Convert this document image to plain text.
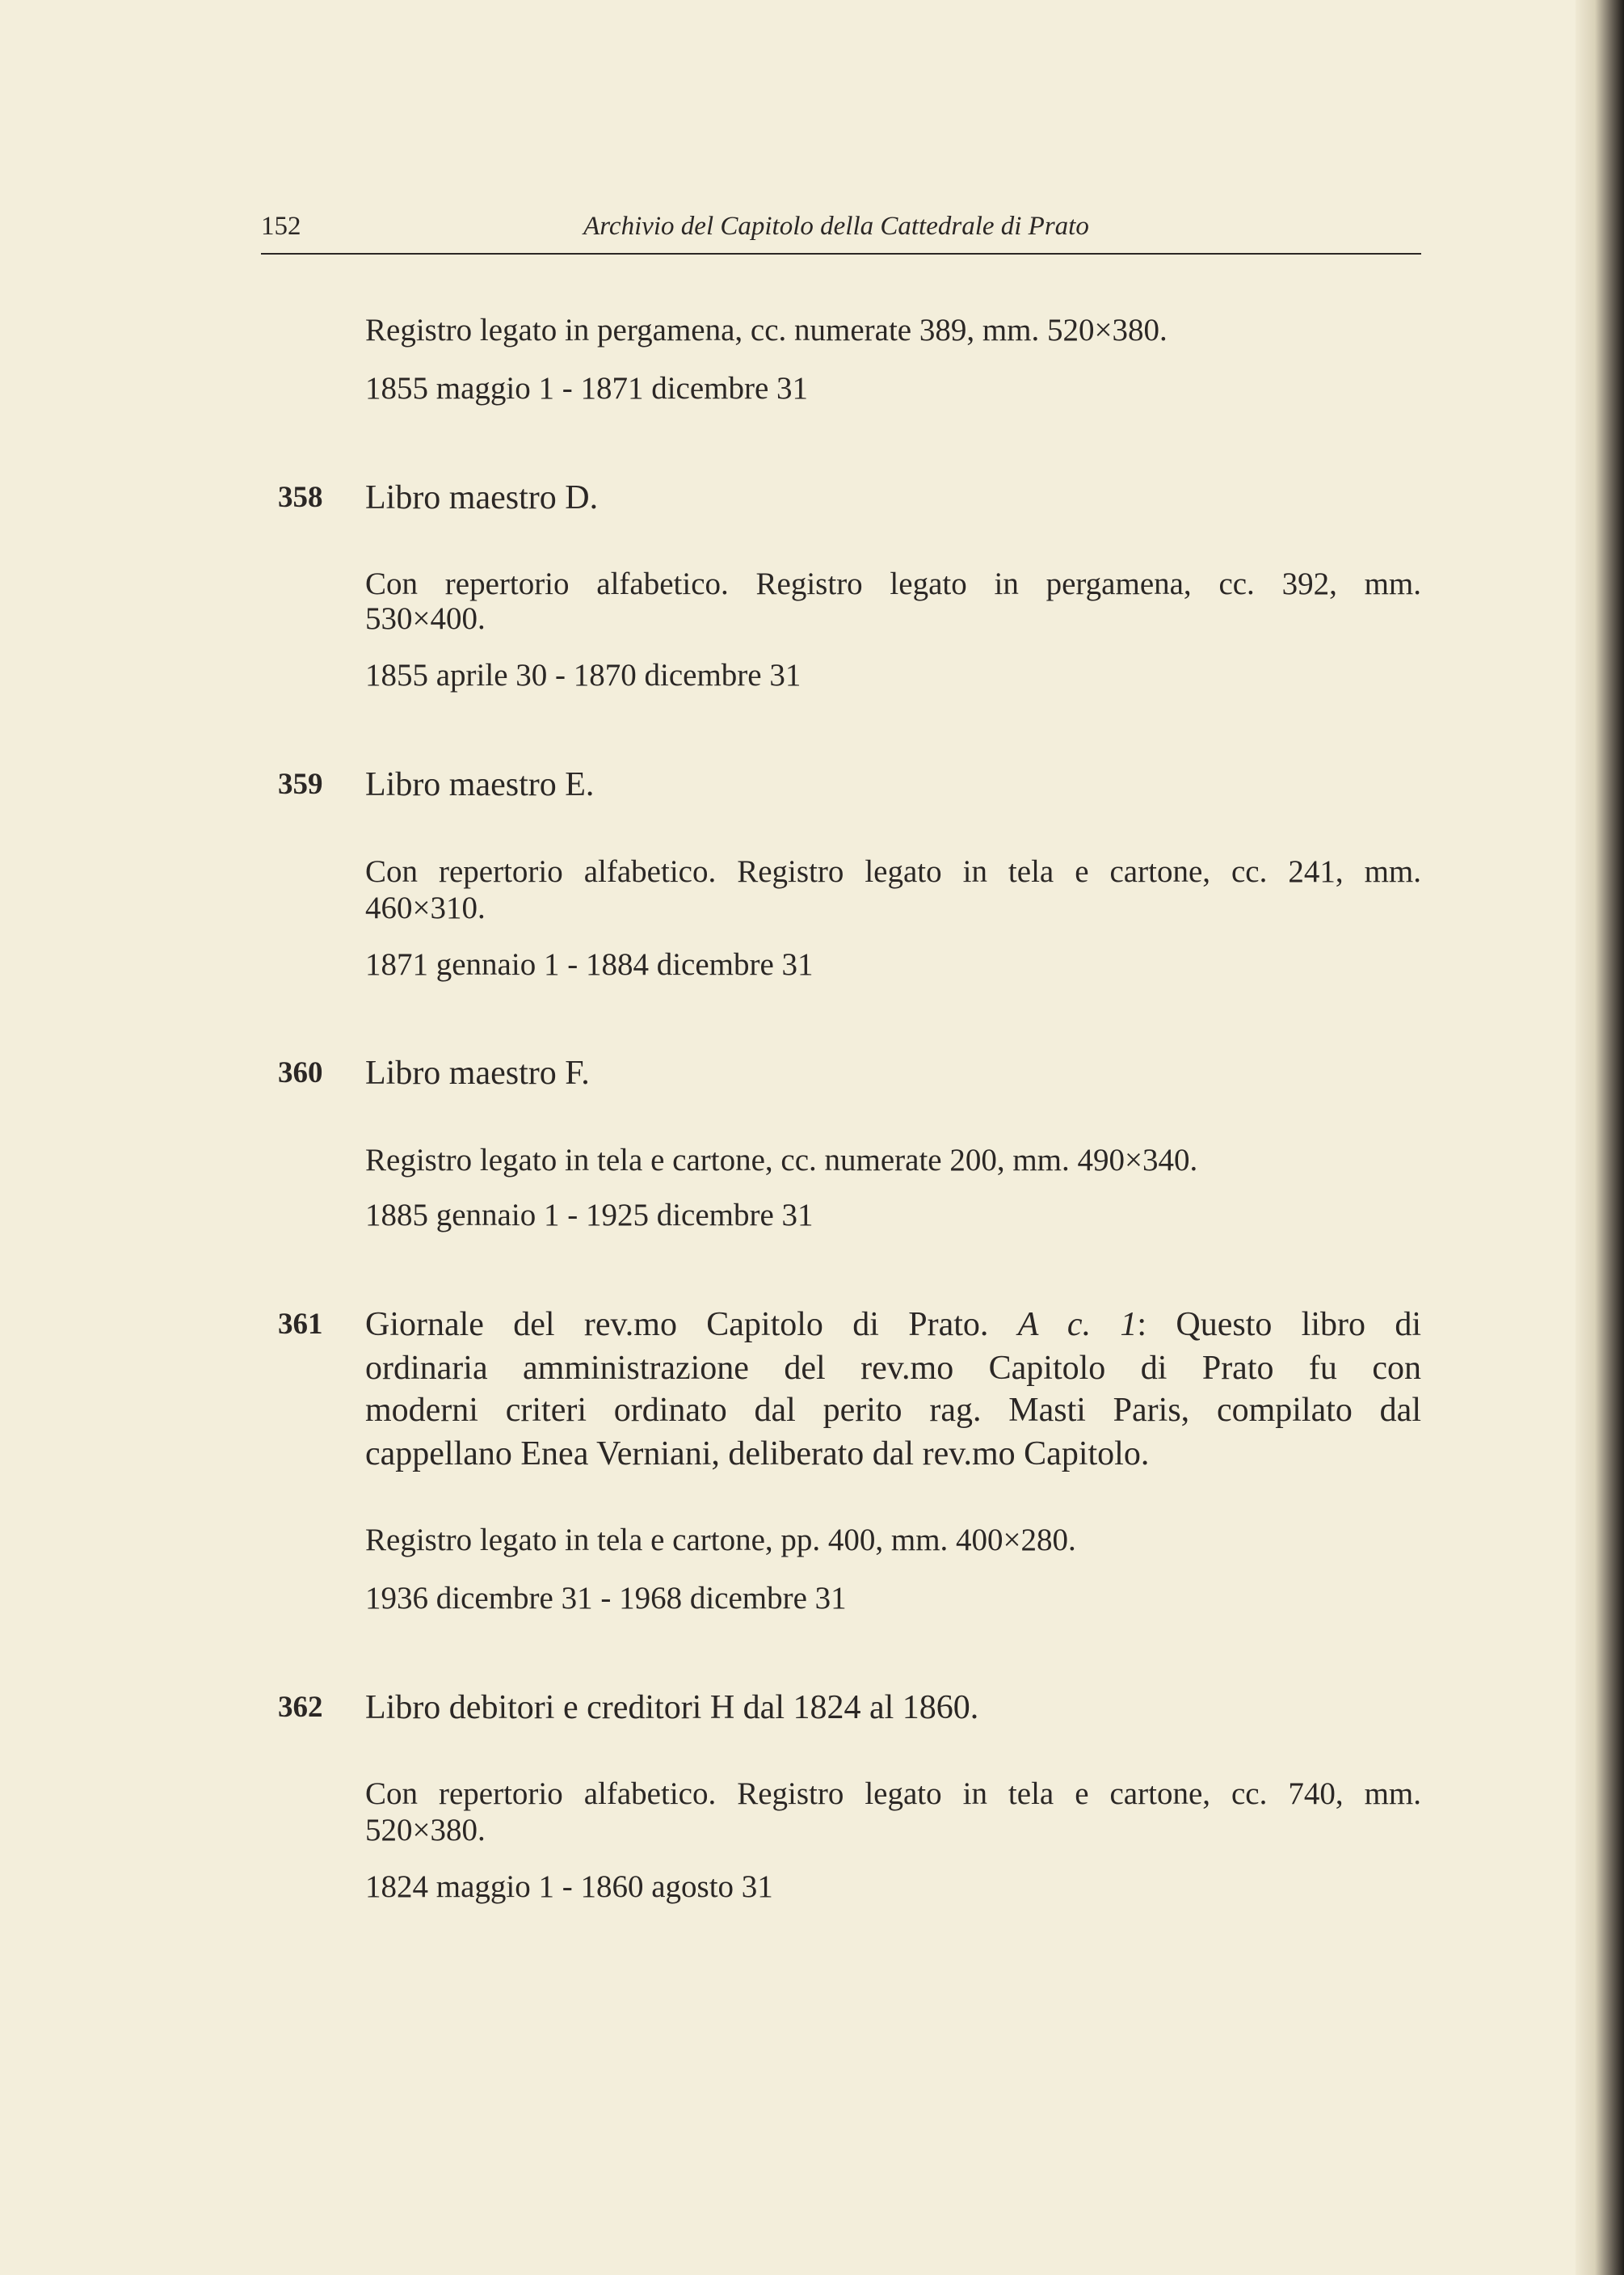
152	Archivio del Capitolo della Cattedrale di Prato
Registro legato in pergamena, cc. numerate 389, mm. 520×380.
1855 maggio 1 - 1871 dicembre 31
358 Libro maestro D.
Con repertorio alfabetico. Registro legato in pergamena, cc. 392, mm.
530×400.
1855 aprile 30 - 1870 dicembre 31
359 Libro maestro E.
Con repertorio alfabetico. Registro legato in tela e cartone, cc. 241, mm.
460×310.
1871 gennaio 1 - 1884 dicembre 31
360 Libro maestro F.
Registro legato in tela e cartone, cc. numerate 200, mm. 490×340.
1885 gennaio 1 - 1925 dicembre 31
361 Giornale del rev.mo Capitolo di Prato. A c. 1: Questo libro di
ordinaria amministrazione del rev.mo Capitolo di Prato fu con
moderni criteri ordinato dal perito rag. Masti Paris, compilato dal
cappellano Enea Verniani, deliberato dal rev.mo Capitolo.
Registro legato in tela e cartone, pp. 400, mm. 400×280.
1936 dicembre 31 - 1968 dicembre 31
362 Libro debitori e creditori H dal 1824 al 1860.
Con repertorio alfabetico. Registro legato in tela e cartone, cc. 740, mm.
520×380.
1824 maggio 1 - 1860 agosto 31
